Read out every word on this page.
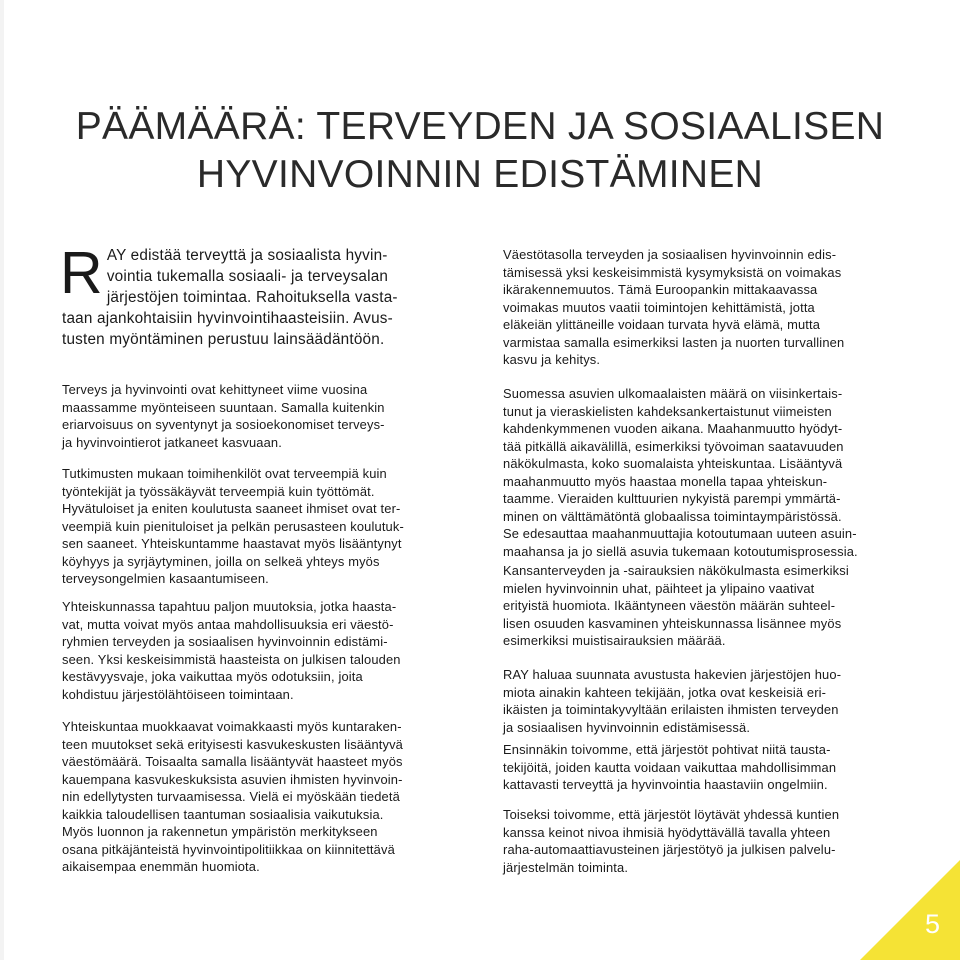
PÄÄMÄÄRÄ: TERVEYDEN JA SOSIAALISEN
HYVINVOINNIN EDISTÄMINEN

RAY edistää terveyttä ja sosiaalista hyvin-

vointia tukemalla sosiaali- ja terveysalan
järjestöjen toimintaa. Rahoituksella vasta-
taan ajankohtaisiin hyvinvointihaasteisiin. Avus-
tusten myöntäminen perustuu lainsäädäntöön.

Terveys ja hyvinvointi ovat kehittyneet viime vuosina
maassamme myönteiseen suuntaan. Samalla kuitenkin
eriarvoisuus on syventynyt ja sosioekonomiset terveys-
ja hyvinvointierot jatkaneet kasvuaan.

Tutkimusten mukaan toimihenkilöt ovat terveempiä kuin
työntekijät ja työssäkäyvät terveempiä kuin työttömät.
Hyvätuloiset ja eniten koulutusta saaneet ihmiset ovat ter-
veempiä kuin pienituloiset ja pelkän perusasteen koulutuk-
sen saaneet. Yhteiskuntamme haastavat myös lisääntynyt
köyhyys ja syrjäytyminen, joilla on selkeä yhteys myös
terveysongelmien kasaantumiseen.

Yhteiskunnassa tapahtuu paljon muutoksia, jotka haasta-
vat, mutta voivat myös antaa mahdollisuuksia eri väestö-
ryhmien terveyden ja sosiaalisen hyvinvoinnin edistämi-
seen. Yksi keskeisimmistä haasteista on julkisen talouden
kestävyysvaje, joka vaikuttaa myös odotuksiin, joita
kohdistuu järjestölähtöiseen toimintaan.

Yhteiskuntaa muokkaavat voimakkaasti myös kuntaraken-
teen muutokset sekä erityisesti kasvukeskusten lisääntyvä
väestömäärä. Toisaalta samalla lisääntyvät haasteet myös
kauempana kasvukeskuksista asuvien ihmisten hyvinvoin-
nin edellytysten turvaamisessa. Vielä ei myöskään tiedetä
kaikkia taloudellisen taantuman sosiaalisia vaikutuksia.

Myös luonnon ja rakennetun ympäristön merkitykseen
osana pitkäjänteistä hyvinvointipolitiikkaa on kiinnitettävä
aikaisempaa enemmän huomiota.

Väestötasolla terveyden ja sosiaalisen hyvinvoinnin edis-
tämisessä yksi keskeisimmistä kysymyksistä on voimakas
ikärakennemuutos. Tämä Euroopankin mittakaavassa
voimakas muutos vaatii toimintojen kehittämistä, jotta
eläkeiän ylittäneille voidaan turvata hyvä elämä, mutta
varmistaa samalla esimerkiksi lasten ja nuorten turvallinen
kasvu ja kehitys.

Suomessa asuvien ulkomaalaisten määrä on viisinkertais-
tunut ja vieraskielisten kahdeksankertaistunut viimeisten
kahdenkymmenen vuoden aikana. Maahanmuutto hyödyt-
tää pitkällä aikavälillä, esimerkiksi työvoiman saatavuuden
näkökulmasta, koko suomalaista yhteiskuntaa. Lisääntyvä
maahanmuutto myös haastaa monella tapaa yhteiskun-
taamme. Vieraiden kulttuurien nykyistä parempi ymmärtä-
minen on välttämätöntä globaalissa toimintaympäristössä.
Se edesauttaa maahanmuuttajia kotoutumaan uuteen asuin-
maahansa ja jo siellä asuvia tukemaan kotoutumisprosessia.

Kansanterveyden ja -sairauksien näkökulmasta esimerkiksi
mielen hyvinvoinnin uhat, päihteet ja ylipaino vaativat
erityistä huomiota. Ikääntyneen väestön määrän suhteel-
lisen osuuden kasvaminen yhteiskunnassa lisännee myös
esimerkiksi muistisairauksien määrää.

RAY haluaa suunnata avustusta hakevien järjestöjen huo-
miota ainakin kahteen tekijään, jotka ovat keskeisiä eri-
ikäisten ja toimintakyvyltään erilaisten ihmisten terveyden
ja sosiaalisen hyvinvoinnin edistämisessä.

Ensinnäkin toivomme, että järjestöt pohtivat niitä tausta-
tekijöitä, joiden kautta voidaan vaikuttaa mahdollisimman
kattavasti terveyttä ja hyvinvointia haastaviin ongelmiin.

Toiseksi toivomme, että järjestöt löytävät yhdessä kuntien
kanssa keinot nivoa ihmisiä hyödyttävällä tavalla yhteen
raha-automaattiavusteinen järjestötyö ja julkisen palvelu-
järjestelmän toiminta.

5
